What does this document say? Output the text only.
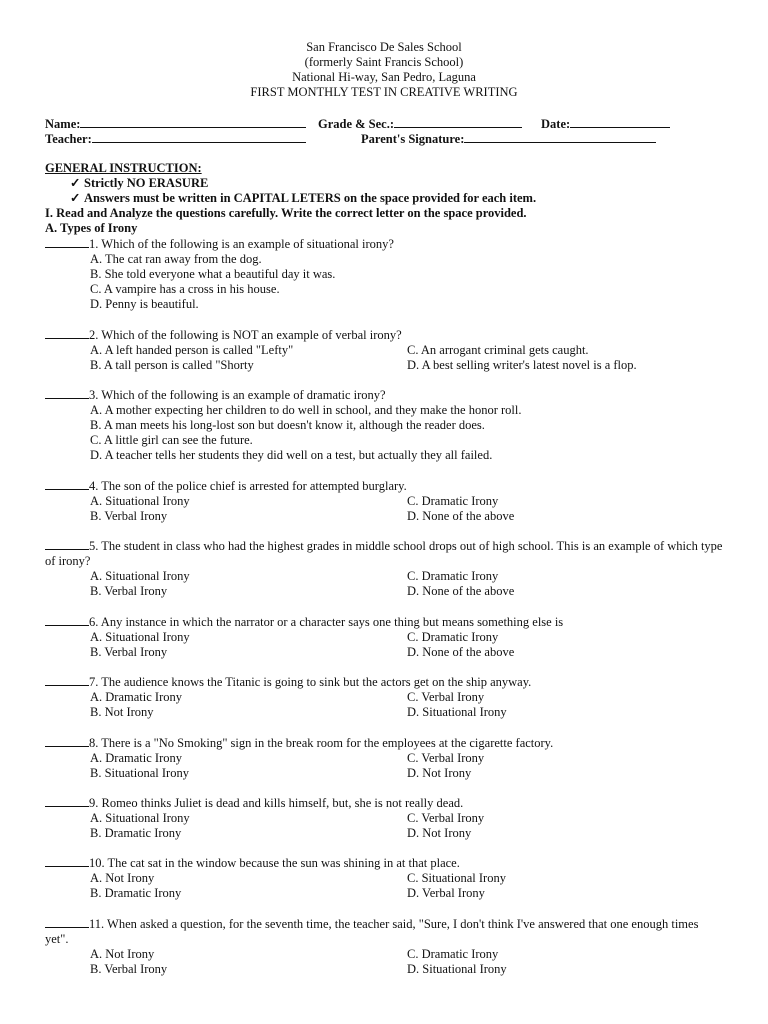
San Francisco De Sales School
(formerly Saint Francis School)
National Hi-way, San Pedro, Laguna
FIRST MONTHLY TEST IN CREATIVE WRITING
Name:	Grade & Sec.:	Date:
Teacher:	Parent's Signature:
GENERAL INSTRUCTION:
✓ Strictly NO ERASURE
✓ Answers must be written in CAPITAL LETERS on the space provided for each item.
I. Read and Analyze the questions carefully. Write the correct letter on the space provided.
A. Types of Irony
1. Which of the following is an example of situational irony?
A. The cat ran away from the dog.
B. She told everyone what a beautiful day it was.
C. A vampire has a cross in his house.
D. Penny is beautiful.
2. Which of the following is NOT an example of verbal irony?
A. A left handed person is called "Lefty"	C. An arrogant criminal gets caught.
B. A tall person is called "Shorty	D. A best selling writer's latest novel is a flop.
3. Which of the following is an example of dramatic irony?
A. A mother expecting her children to do well in school, and they make the honor roll.
B. A man meets his long-lost son but doesn't know it, although the reader does.
C. A little girl can see the future.
D. A teacher tells her students they did well on a test, but actually they all failed.
4. The son of the police chief is arrested for attempted burglary.
A. Situational Irony	C. Dramatic Irony
B. Verbal Irony	D. None of the above
5. The student in class who had the highest grades in middle school drops out of high school. This is an example of which type of irony?
A. Situational Irony	C. Dramatic Irony
B. Verbal Irony	D. None of the above
6. Any instance in which the narrator or a character says one thing but means something else is
A. Situational Irony	C. Dramatic Irony
B. Verbal Irony	D. None of the above
7. The audience knows the Titanic is going to sink but the actors get on the ship anyway.
A. Dramatic Irony	C. Verbal Irony
B. Not Irony	D. Situational Irony
8. There is a "No Smoking" sign in the break room for the employees at the cigarette factory.
A. Dramatic Irony	C. Verbal Irony
B. Situational Irony	D. Not Irony
9. Romeo thinks Juliet is dead and kills himself, but, she is not really dead.
A. Situational Irony	C. Verbal Irony
B. Dramatic Irony	D. Not Irony
10. The cat sat in the window because the sun was shining in at that place.
A. Not Irony	C. Situational Irony
B. Dramatic Irony	D. Verbal Irony
11. When asked a question, for the seventh time, the teacher said, "Sure, I don't think I've answered that one enough times yet".
A. Not Irony	C. Dramatic Irony
B. Verbal Irony	D. Situational Irony
